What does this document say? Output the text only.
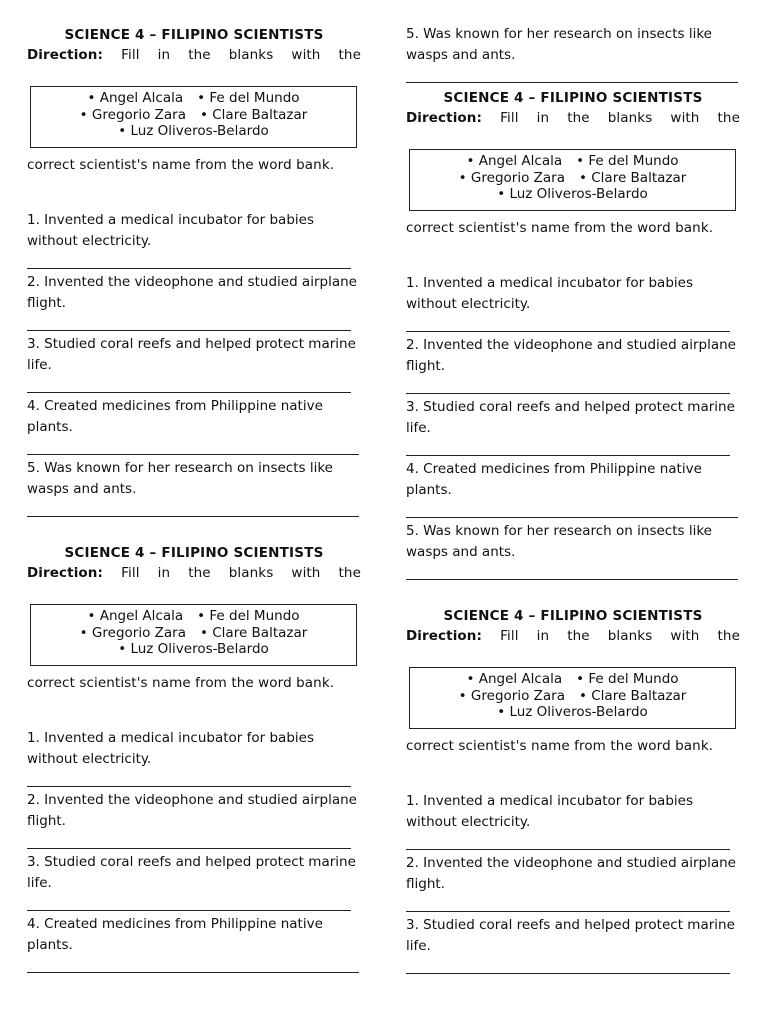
SCIENCE 4 – FILIPINO SCIENTISTS
Direction: Fill in the blanks with the
• Angel Alcala • Fe del Mundo
• Gregorio Zara • Clare Baltazar
• Luz Oliveros-Belardo
correct scientist's name from the word bank.
1. Invented a medical incubator for babies without electricity.
2. Invented the videophone and studied airplane flight.
3. Studied coral reefs and helped protect marine life.
4. Created medicines from Philippine native plants.
5. Was known for her research on insects like wasps and ants.
SCIENCE 4 – FILIPINO SCIENTISTS
Direction: Fill in the blanks with the
• Angel Alcala • Fe del Mundo
• Gregorio Zara • Clare Baltazar
• Luz Oliveros-Belardo
correct scientist's name from the word bank.
1. Invented a medical incubator for babies without electricity.
2. Invented the videophone and studied airplane flight.
3. Studied coral reefs and helped protect marine life.
4. Created medicines from Philippine native plants.
5. Was known for her research on insects like wasps and ants.
SCIENCE 4 – FILIPINO SCIENTISTS
Direction: Fill in the blanks with the
• Angel Alcala • Fe del Mundo
• Gregorio Zara • Clare Baltazar
• Luz Oliveros-Belardo
correct scientist's name from the word bank.
1. Invented a medical incubator for babies without electricity.
2. Invented the videophone and studied airplane flight.
3. Studied coral reefs and helped protect marine life.
4. Created medicines from Philippine native plants.
5. Was known for her research on insects like wasps and ants.
SCIENCE 4 – FILIPINO SCIENTISTS
Direction: Fill in the blanks with the
• Angel Alcala • Fe del Mundo
• Gregorio Zara • Clare Baltazar
• Luz Oliveros-Belardo
correct scientist's name from the word bank.
1. Invented a medical incubator for babies without electricity.
2. Invented the videophone and studied airplane flight.
3. Studied coral reefs and helped protect marine life.
